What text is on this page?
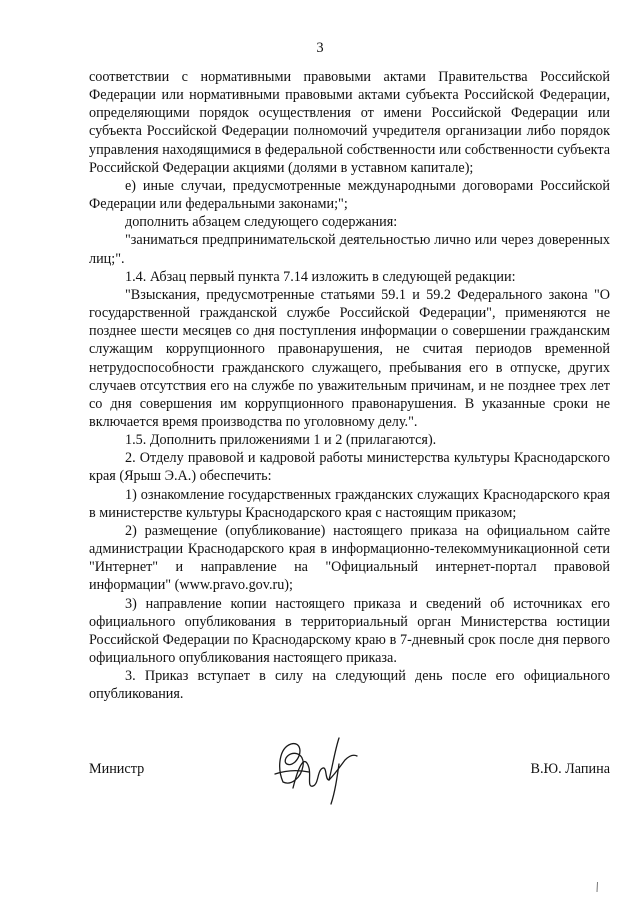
3

соответствии с нормативными правовыми актами Правительства Российской Федерации или нормативными правовыми актами субъекта Российской Федерации, определяющими порядок осуществления от имени Российской Федерации или субъекта Российской Федерации полномочий учредителя организации либо порядок управления находящимися в федеральной собственности или собственности субъекта Российской Федерации акциями (долями в уставном капитале);

е) иные случаи, предусмотренные международными договорами Российской Федерации или федеральными законами;";

дополнить абзацем следующего содержания:

"заниматься предпринимательской деятельностью лично или через доверенных лиц;".

1.4. Абзац первый пункта 7.14 изложить в следующей редакции:

"Взыскания, предусмотренные статьями 59.1 и 59.2 Федерального закона "О государственной гражданской службе Российской Федерации", применяются не позднее шести месяцев со дня поступления информации о совершении гражданским служащим коррупционного правонарушения, не считая периодов временной нетрудоспособности гражданского служащего, пребывания его в отпуске, других случаев отсутствия его на службе по уважительным причинам, и не позднее трех лет со дня совершения им коррупционного правонарушения. В указанные сроки не включается время производства по уголовному делу.".

1.5. Дополнить приложениями 1 и 2 (прилагаются).

2. Отделу правовой и кадровой работы министерства культуры Краснодарского края (Ярыш Э.А.) обеспечить:

1) ознакомление государственных гражданских служащих Краснодарского края в министерстве культуры Краснодарского края с настоящим приказом;

2) размещение (опубликование) настоящего приказа на официальном сайте администрации Краснодарского края в информационно-телекоммуникационной сети "Интернет" и направление на "Официальный интернет-портал правовой информации" (www.pravo.gov.ru);

3) направление копии настоящего приказа и сведений об источниках его официального опубликования в территориальный орган Министерства юстиции Российской Федерации по Краснодарскому краю в 7-дневный срок после дня первого официального опубликования настоящего приказа.

3. Приказ вступает в силу на следующий день после его официального опубликования.

Министр	В.Ю. Лапина
